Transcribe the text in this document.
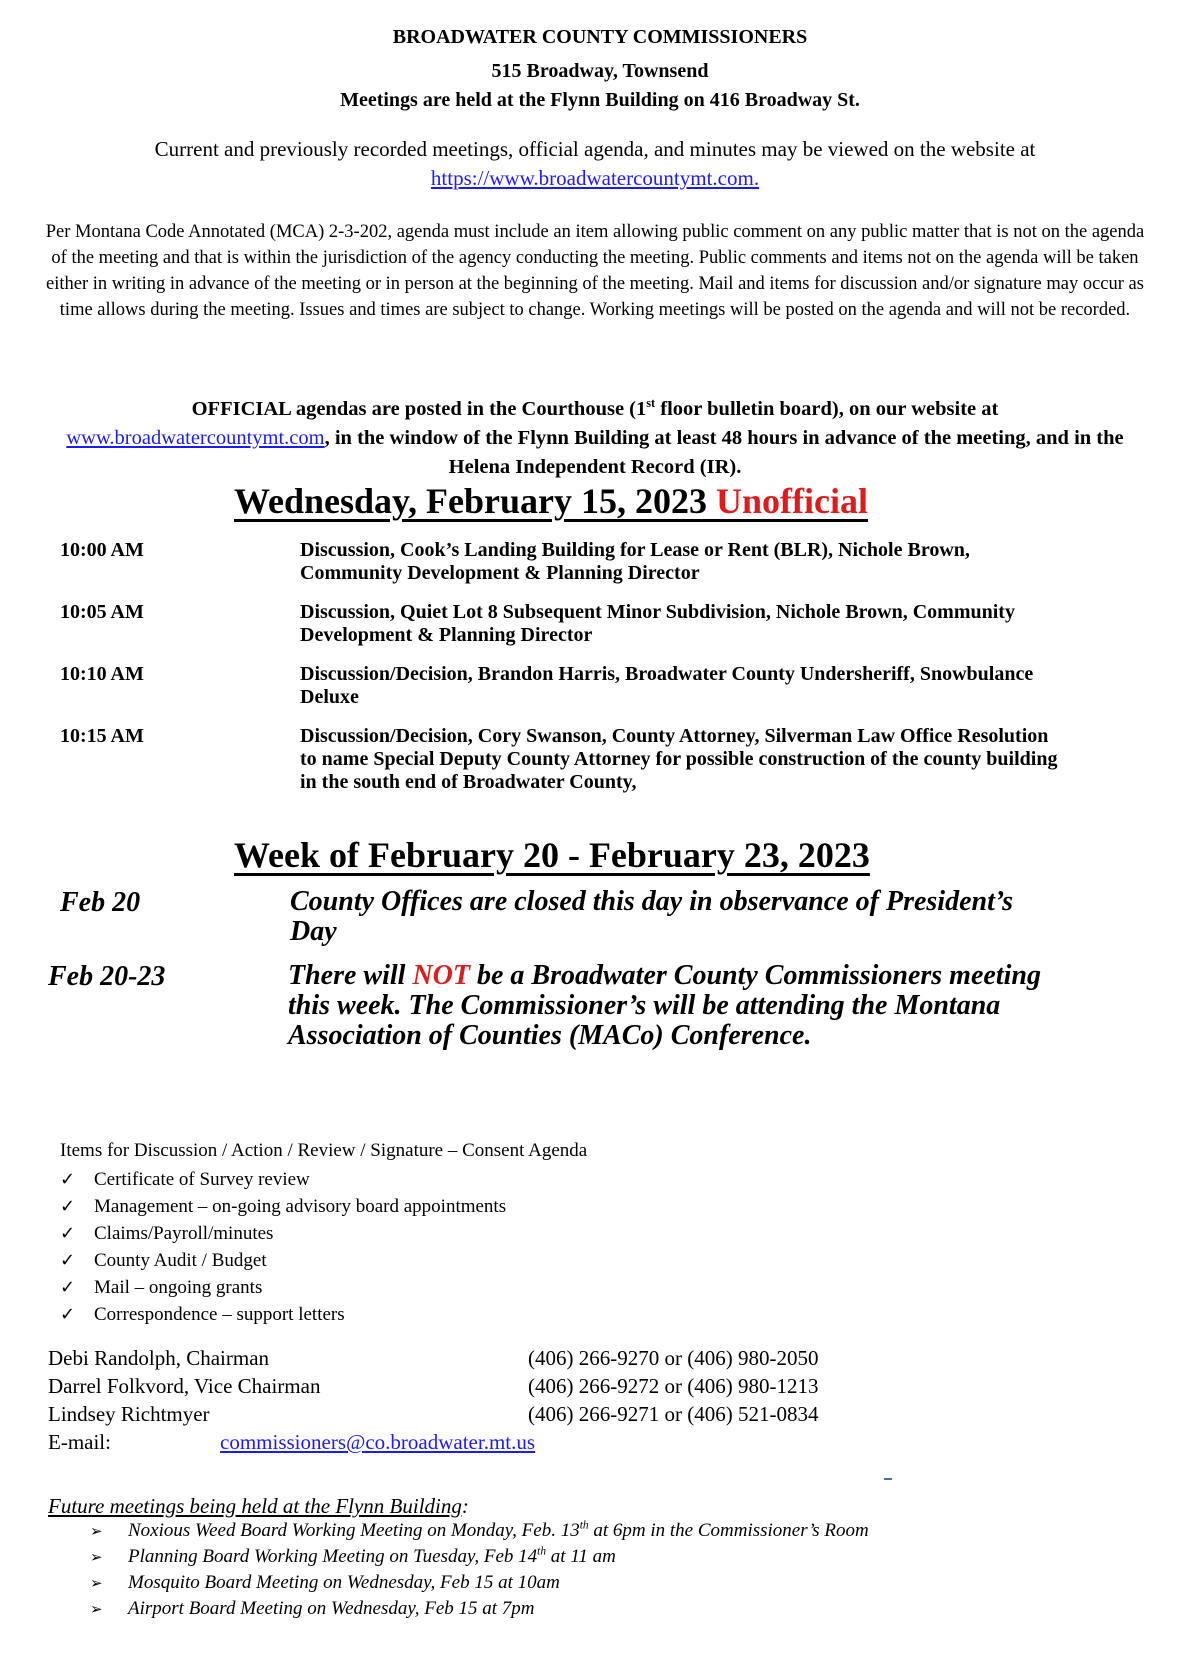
BROADWATER COUNTY COMMISSIONERS
515 Broadway, Townsend
Meetings are held at the Flynn Building on 416 Broadway St.
Current and previously recorded meetings, official agenda, and minutes may be viewed on the website at
https://www.broadwatercountymt.com.
Per Montana Code Annotated (MCA) 2-3-202, agenda must include an item allowing public comment on any public matter that is not on the agenda of the meeting and that is within the jurisdiction of the agency conducting the meeting. Public comments and items not on the agenda will be taken either in writing in advance of the meeting or in person at the beginning of the meeting. Mail and items for discussion and/or signature may occur as time allows during the meeting. Issues and times are subject to change. Working meetings will be posted on the agenda and will not be recorded.
OFFICIAL agendas are posted in the Courthouse (1st floor bulletin board), on our website at
www.broadwatercountymt.com, in the window of the Flynn Building at least 48 hours in advance of the meeting, and in the Helena Independent Record (IR).
Wednesday, February 15, 2023 Unofficial
10:00 AM	Discussion, Cook’s Landing Building for Lease or Rent (BLR), Nichole Brown, Community Development & Planning Director
10:05 AM	Discussion, Quiet Lot 8 Subsequent Minor Subdivision, Nichole Brown, Community Development & Planning Director
10:10 AM	Discussion/Decision, Brandon Harris, Broadwater County Undersheriff, Snowbulance Deluxe
10:15 AM	Discussion/Decision, Cory Swanson, County Attorney, Silverman Law Office Resolution to name Special Deputy County Attorney for possible construction of the county building in the south end of Broadwater County,
Week of February 20 - February 23, 2023
Feb 20	County Offices are closed this day in observance of President’s Day
Feb 20-23	There will NOT be a Broadwater County Commissioners meeting this week. The Commissioner’s will be attending the Montana Association of Counties (MACo) Conference.
Items for Discussion / Action / Review / Signature – Consent Agenda
✓ Certificate of Survey review
✓ Management – on-going advisory board appointments
✓ Claims/Payroll/minutes
✓ County Audit / Budget
✓ Mail – ongoing grants
✓ Correspondence – support letters
Debi Randolph, Chairman	(406) 266-9270 or (406) 980-2050
Darrel Folkvord, Vice Chairman	(406) 266-9272 or (406) 980-1213
Lindsey Richtmyer	(406) 266-9271 or (406) 521-0834
E-mail:	commissioners@co.broadwater.mt.us
Future meetings being held at the Flynn Building:
➢ Noxious Weed Board Working Meeting on Monday, Feb. 13th at 6pm in the Commissioner’s Room
➢ Planning Board Working Meeting on Tuesday, Feb 14th at 11 am
➢ Mosquito Board Meeting on Wednesday, Feb 15 at 10am
➢ Airport Board Meeting on Wednesday, Feb 15 at 7pm
